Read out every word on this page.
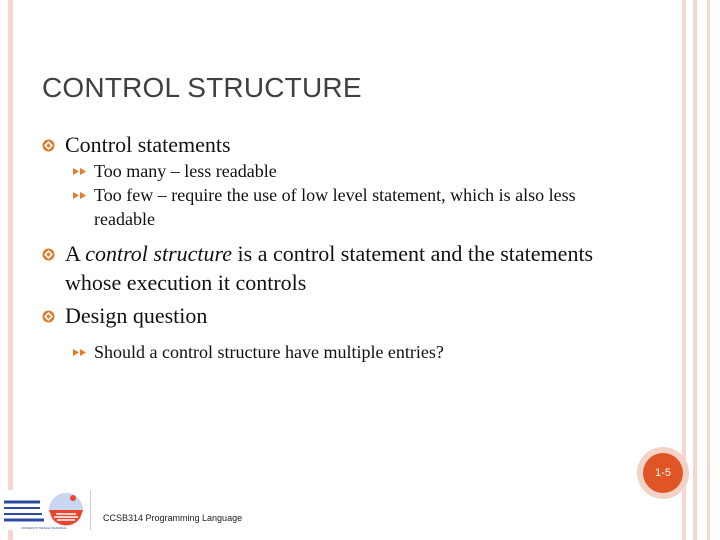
CONTROL STRUCTURE
Control statements
Too many – less readable
Too few – require the use of low level statement, which is also less readable
A control structure is a control statement and the statements whose execution it controls
Design question
Should a control structure have multiple entries?
1-5
UNIVERSITI TENAGA NASIONAL
CCSB314 Programming Language
